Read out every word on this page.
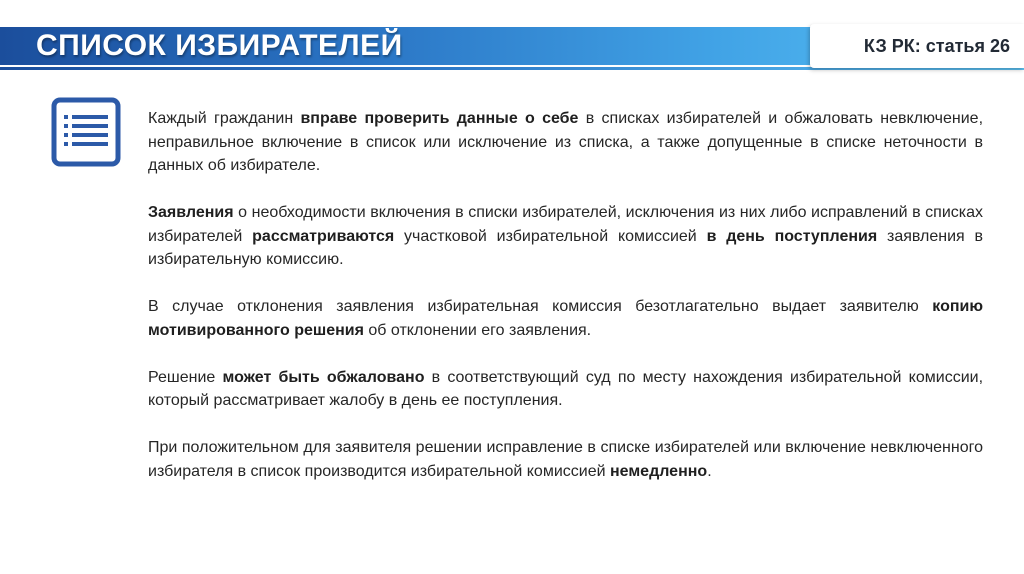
СПИСОК ИЗБИРАТЕЛЕЙ	КЗ РК: статья 26

Каждый гражданин вправе проверить данные о себе в списках избирателей и обжаловать невключение, неправильное включение в список или исключение из списка, а также допущенные в списке неточности в данных об избирателе.

Заявления о необходимости включения в списки избирателей, исключения из них либо исправлений в списках избирателей рассматриваются участковой избирательной комиссией в день поступления заявления в избирательную комиссию.

В случае отклонения заявления избирательная комиссия безотлагательно выдает заявителю копию мотивированного решения об отклонении его заявления.

Решение может быть обжаловано в соответствующий суд по месту нахождения избирательной комиссии, который рассматривает жалобу в день ее поступления.

При положительном для заявителя решении исправление в списке избирателей или включение невключенного избирателя в список производится избирательной комиссией немедленно.
